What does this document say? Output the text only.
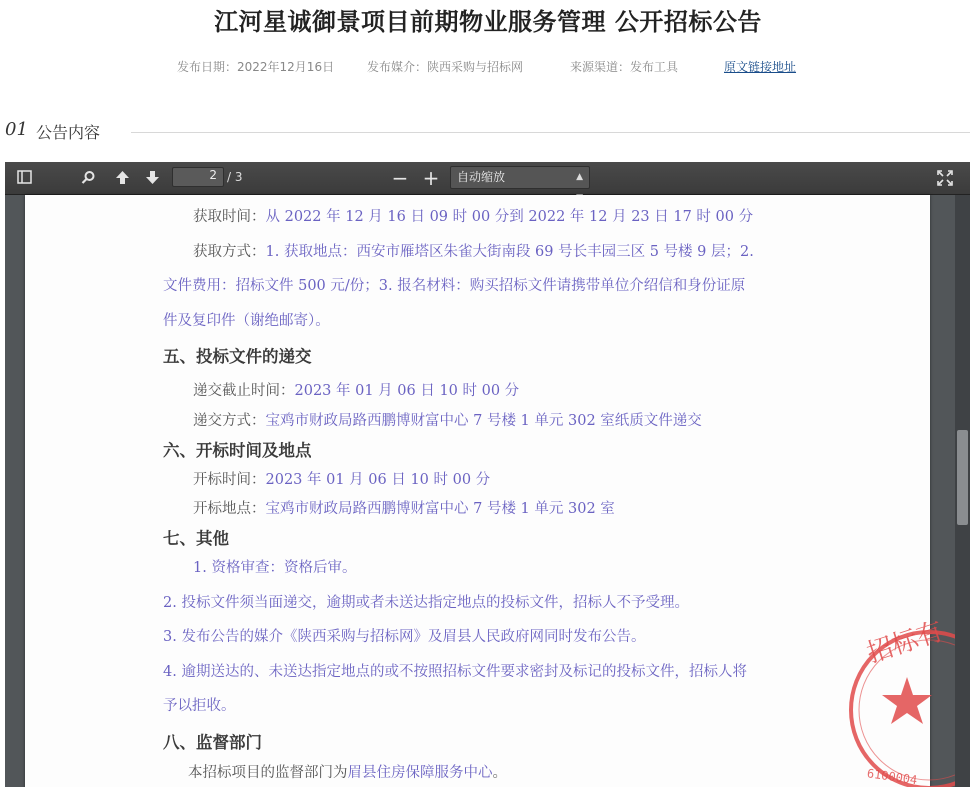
江河星诚御景项目前期物业服务管理 公开招标公告
发布日期：2022年12月16日	发布媒介：陕西采购与招标网	来源渠道：发布工具	原文链接地址
01 公告内容
2 / 3	− +	自动缩放	▲

获取时间：从 2022 年 12 月 16 日 09 时 00 分到 2022 年 12 月 23 日 17 时 00 分
获取方式：1. 获取地点：西安市雁塔区朱雀大街南段 69 号长丰园三区 5 号楼 9 层；2.
文件费用：招标文件 500 元/份；3. 报名材料：购买招标文件请携带单位介绍信和身份证原
件及复印件（谢绝邮寄）。
五、投标文件的递交
递交截止时间：2023 年 01 月 06 日 10 时 00 分
递交方式：宝鸡市财政局路西鹏博财富中心 7 号楼 1 单元 302 室纸质文件递交
六、开标时间及地点
开标时间：2023 年 01 月 06 日 10 时 00 分
开标地点：宝鸡市财政局路西鹏博财富中心 7 号楼 1 单元 302 室
七、其他
1. 资格审查：资格后审。
2. 投标文件须当面递交，逾期或者未送达指定地点的投标文件，招标人不予受理。
3. 发布公告的媒介《陕西采购与招标网》及眉县人民政府网同时发布公告。
4. 逾期送达的、未送达指定地点的或不按照招标文件要求密封及标记的投标文件，招标人将
予以拒收。
八、监督部门
本招标项目的监督部门为眉县住房保障服务中心。
招标有
6100004
